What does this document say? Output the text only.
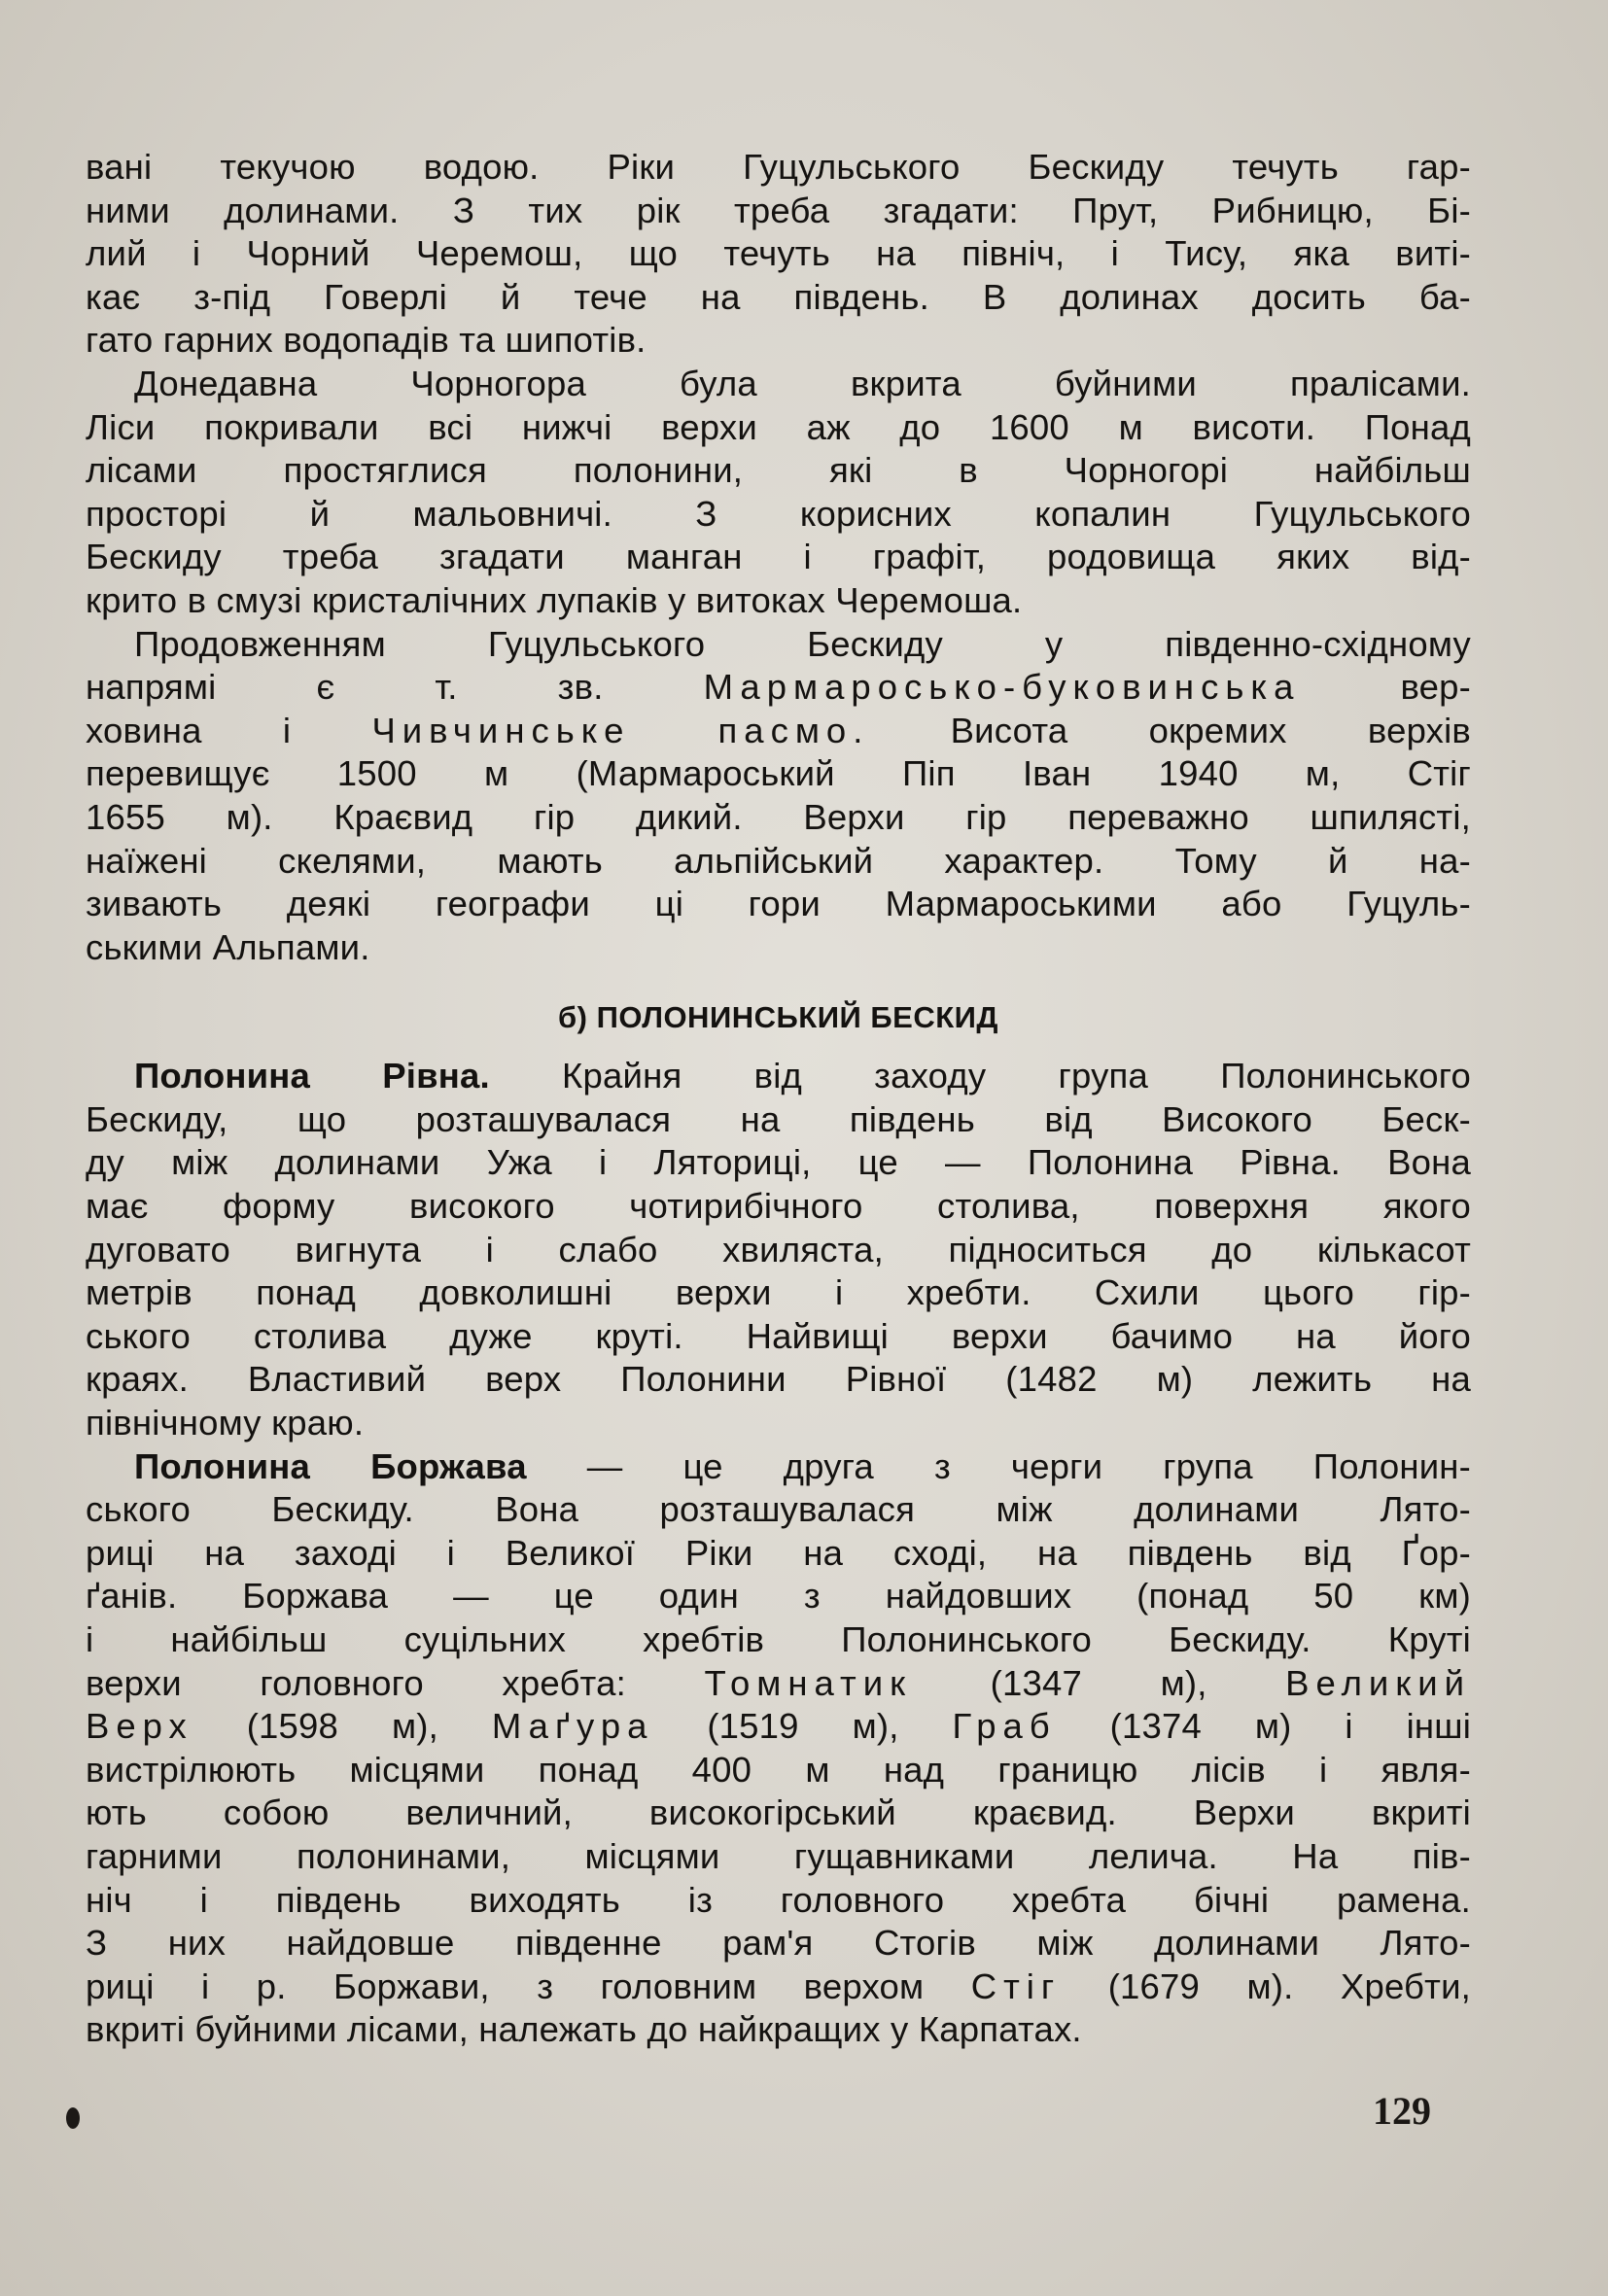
вані текучою водою. Ріки Гуцульського Бескиду течуть гар-
ними долинами. З тих рік треба згадати: Прут, Рибницю, Бі-
лий і Чорний Черемош, що течуть на північ, і Тису, яка виті-
кає з-під Говерлі й тече на південь. В долинах досить ба-
гато гарних водопадів та шипотів.
Донедавна Чорногора була вкрита буйними пралісами.
Ліси покривали всі нижчі верхи аж до 1600 м висоти. Понад
лісами простяглися полонини, які в Чорногорі найбільш
просторі й мальовничі. З корисних копалин Гуцульського
Бескиду треба згадати манган і графіт, родовища яких від-
крито в смузі кристалічних лупаків у витоках Черемоша.
Продовженням Гуцульського Бескиду у південно-східному
напрямі є т. зв.	Мармаросько-буковинська	вер-
ховина і Чивчинське пасмо. Висота окремих верхів
перевищує 1500 м (Мармароський Піп Іван 1940 м, Стіг
1655 м). Краєвид гір дикий. Верхи гір переважно шпилясті,
наїжені скелями, мають альпійський характер. Тому й на-
зивають деякі географи ці гори Мармароськими або Гуцуль-
ськими Альпами.
б) ПОЛОНИНСЬКИЙ БЕСКИД
Полонина Рівна. Крайня від заходу група Полонинського
Бескиду, що розташувалася на південь від Високого Беск-
ду між долинами Ужа і Ляториці, це — Полонина Рівна. Вона
має форму високого чотирибічного столива, поверхня якого
дуговато вигнута і слабо хвиляста, підноситься до кількасот
метрів понад довколишні верхи і хребти. Схили цього гір-
ського столива дуже круті. Найвищі верхи бачимо на його
краях. Властивий верх Полонини Рівної (1482 м) лежить на
північному краю.
Полонина Боржава — це друга з черги група Полонин-
ського Бескиду. Вона розташувалася між долинами Лято-
риці на заході і Великої Ріки на сході, на південь від Ґор-
ґанів. Боржава — це один з найдовших (понад 50 км)
і найбільш суцільних хребтів Полонинського Бескиду. Круті
верхи головного хребта: Томнатик (1347 м), Великий
Верх (1598 м), Маґура (1519 м), Граб (1374 м) і інші
вистрілюють місцями понад 400 м над границю лісів і явля-
ють собою величний, високогірський краєвид. Верхи вкриті
гарними полонинами, місцями гущавниками лелича. На пів-
ніч і південь виходять із головного хребта бічні рамена.
З них найдовше південне рам'я Стогів між долинами Лято-
риці і р. Боржави, з головним верхом Стіг (1679 м). Хребти,
вкриті буйними лісами, належать до найкращих у Карпатах.
129
